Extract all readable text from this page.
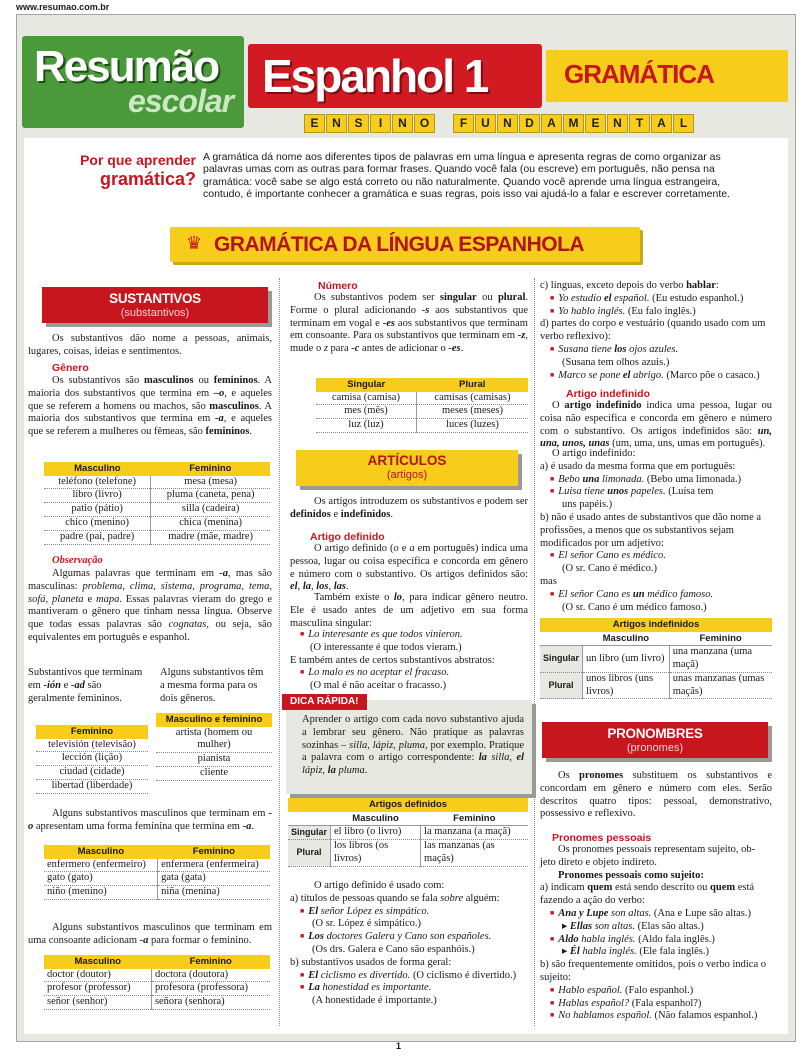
www.resumao.com.br
Resumão
escolar Espanhol 1	GRAMÁTICA
E	N	S	I	N	O	F	U	N	D	A	M	E	N	T	A	L
Por que aprender
gramática?
A gramática dá nome aos diferentes tipos de palavras em uma língua e apresenta regras de como organizar as palavras umas com as outras para formar frases. Quando você fala (ou escreve) em português, não pensa na gramática: você sabe se algo está correto ou não naturalmente. Quando você aprende uma língua estrangeira, contudo, é importante conhecer a gramática e suas regras, pois isso vai ajudá-lo a falar e escrever corretamente.
♛ GRAMÁTICA DA LÍNGUA ESPANHOLA
SUSTANTIVOS
(substantivos)
Os substantivos dão nome a pessoas, animais, lugares, coisas, ideias e sentimentos.
Gênero
Os substantivos são masculinos ou femininos. A maioria dos substantivos que termina em –o, e aqueles que se referem a homens ou machos, são masculinos. A maioria dos substantivos que termina em -a, e aqueles que se referem a mulheres ou fêmeas, são femininos.
Masculino	Feminino
teléfono (telefone)	mesa (mesa)
libro (livro)	pluma (caneta, pena)
patio (pátio)	silla (cadeira)
chico (menino)	chica (menina)
padre (pai, padre)	madre (mãe, madre)
Observação
Algumas palavras que terminam em -a, mas são masculinas: problema, clima, sistema, programa, tema, sofá, planeta e mapa. Essas palavras vieram do grego e mantiveram o gênero que tinham nessa língua. Observe que todas essas palavras são cognatas, ou seja, são equivalentes em português e espanhol.
Substantivos que terminam em -ión e -ad são geralmente femininos.
Alguns substantivos têm a mesma forma para os dois gêneros.
Feminino
televisión (televisão)
lección (lição)
ciudad (cidade)
libertad (liberdade)
Masculino e feminino
artista (homem ou mulher)
pianista
cliente
Alguns substantivos masculinos que terminam em -o apresentam uma forma feminina que termina em -a.
Masculino	Feminino
enfermero (enfermeiro)	enfermera (enfermeira)
gato (gato)	gata (gata)
niño (menino)	niña (menina)
Alguns substantivos masculinos que terminam em uma consoante adicionam -a para formar o feminino.
Masculino	Feminino
doctor (doutor)	doctora (doutora)
profesor (professor)	profesora (professora)
señor (senhor)	señora (senhora)
Número
Os substantivos podem ser singular ou plural. Forme o plural adicionando -s aos substantivos que terminam em vogal e -es aos substantivos que terminam em consoante. Para os substantivos que terminam em -z, mude o z para -c antes de adicionar o -es.
Singular	Plural
camisa (camisa)	camisas (camisas)
mes (mês)	meses (meses)
luz (luz)	luces (luzes)
ARTÍCULOS
(artigos)
Os artigos introduzem os substantivos e podem ser definidos e indefinidos.
Artigo definido
O artigo definido (o e a em português) indica uma pessoa, lugar ou coisa específica e concorda em gênero e número com o substantivo. Os artigos definidos são: el, la, los, las.
Também existe o lo, para indicar gênero neutro. Ele é usado antes de um adjetivo em sua forma masculina singular:
■ Lo interesante es que todos vinieron.
(O interessante é que todos vieram.)
E também antes de certos substantivos abstratos:
■ Lo malo es no aceptar el fracaso.
(O mal é não aceitar o fracasso.)
DICA RÁPIDA!
Aprender o artigo com cada novo substantivo ajuda a lembrar seu gênero. Não pratique as palavras sozinhas – silla, lápiz, pluma, por exemplo. Pratique a palavra com o artigo correspondente: la silla, el lápiz, la pluma.
Artigos definidos		
	Masculino	Feminino
Singular	el libro (o livro)	la manzana (a maçã)
Plural	los libros (os livros)	las manzanas (as maçãs)
O artigo definido é usado com:
a) títulos de pessoas quando se fala sobre alguém:
■ El señor López es simpático.
(O sr. López é simpático.)
■ Los doctores Galera y Cano son españoles.
(Os drs. Galera e Cano são espanhóis.)
b) substantivos usados de forma geral:
■ El ciclismo es divertido. (O ciclismo é divertido.)
■ La honestidad es importante.
(A honestidade é importante.)
c) línguas, exceto depois do verbo hablar:
■ Yo estudio el español. (Eu estudo espanhol.)
■ Yo hablo inglés. (Eu falo inglês.)
d) partes do corpo e vestuário (quando usado com um verbo reflexivo):
■ Susana tiene los ojos azules.
(Susana tem olhos azuis.)
■ Marco se pone el abrigo. (Marco põe o casaco.)
Artigo indefinido
O artigo indefinido indica uma pessoa, lugar ou coisa não específica e concorda em gênero e número com o substantivo. Os artigos indefinidos são: un, una, unos, unas (um, uma, uns, umas em português).
O artigo indefinido:
a) é usado da mesma forma que em português:
■ Bebo una limonada. (Bebo uma limonada.)
■ Luisa tiene unos papeles. (Luísa tem
uns papéis.)
b) não é usado antes de substantivos que dão nome a profissões, a menos que os substantivos sejam modificados por um adjetivo:
■ El señor Cano es médico.
(O sr. Cano é médico.)
mas
■ El señor Cano es un médico famoso.
(O sr. Cano é um médico famoso.)
Artigos indefinidos		
	Masculino	Feminino
Singular	un libro (um livro)	una manzana (uma maçã)
Plural	unos libros (uns livros)	unas manzanas (umas maçãs)
PRONOMBRES
(pronomes)
Os pronomes substituem os substantivos e concordam em gênero e número com eles. Serão descritos quatro tipos: pessoal, demonstrativo, possessivo e reflexivo.
Pronomes pessoais
Os pronomes pessoais representam sujeito, ob-
jeto direto e objeto indireto.
Pronomes pessoais como sujeito:
a) indicam quem está sendo descrito ou quem está fazendo a ação do verbo:
■ Ana y Lupe son altas. (Ana e Lupe são altas.)
▸ Ellas son altas. (Elas são altas.)
■ Aldo habla inglés. (Aldo fala inglês.)
▸ Él habla inglés. (Ele fala inglês.)
b) são frequentemente omitidos, pois o verbo indica o sujeito:
■ Hablo español. (Falo espanhol.)
■ Hablas español? (Fala espanhol?)
■ No hablamos español. (Não falamos espanhol.)
1
